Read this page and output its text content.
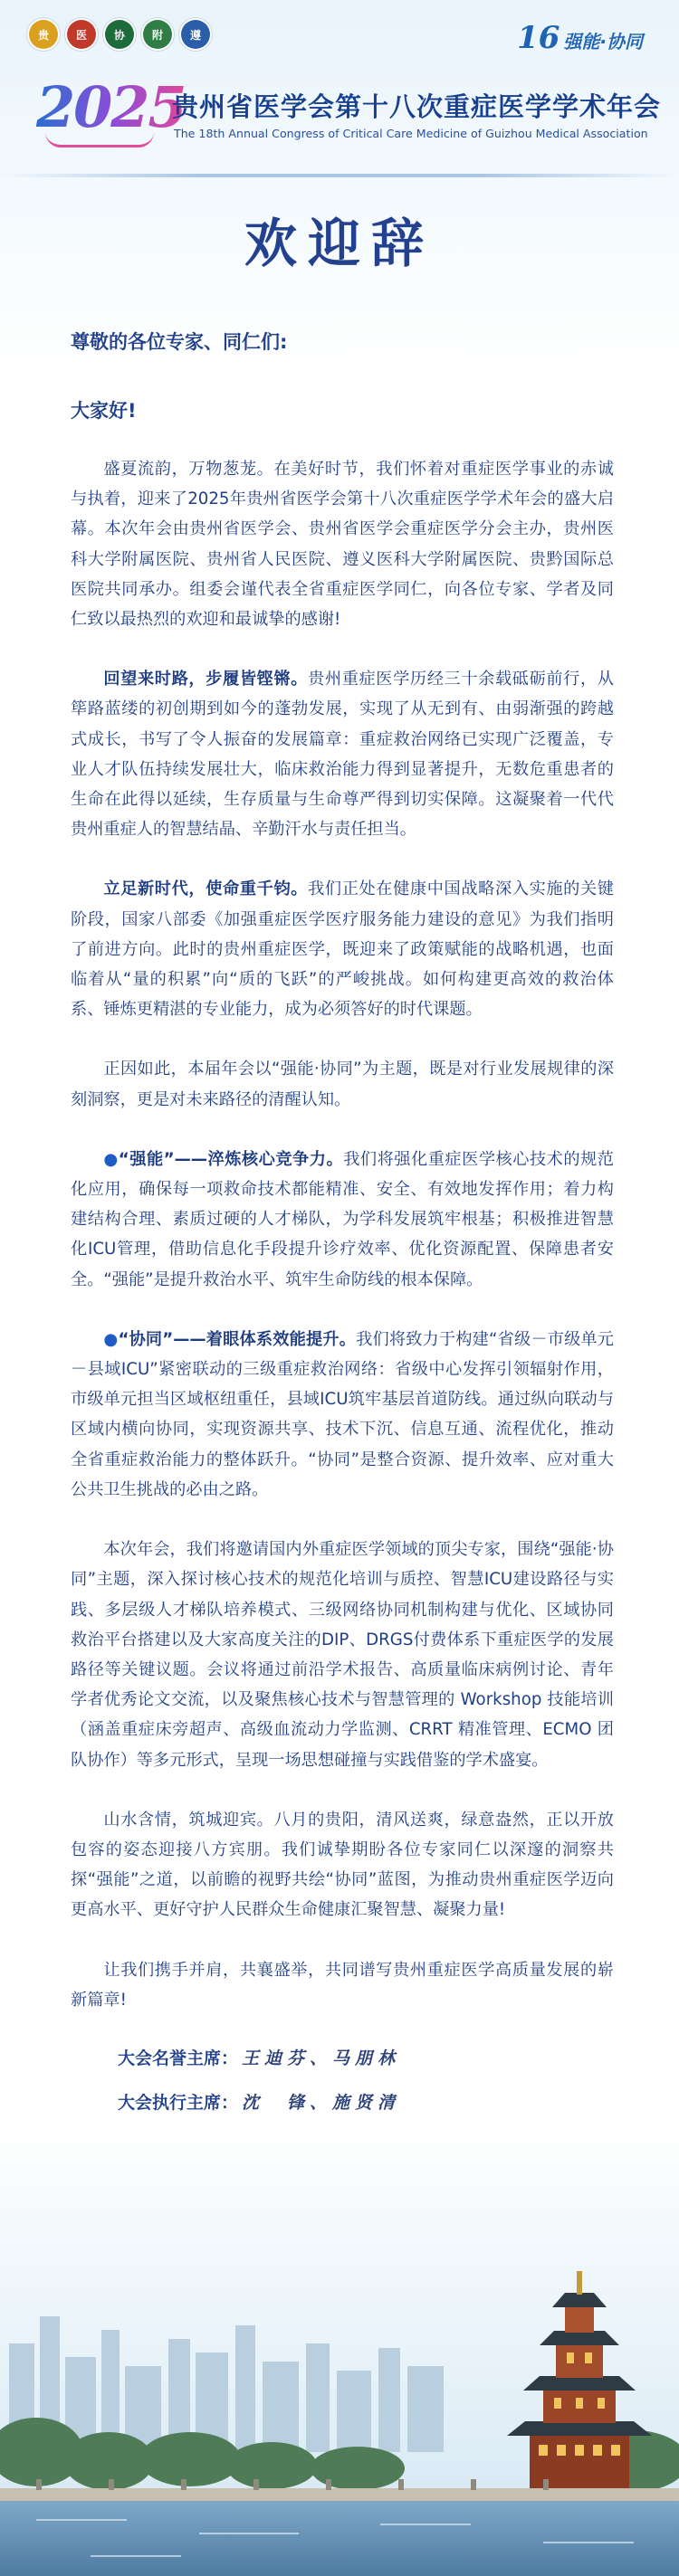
贵	医	协	附	遵	16 强能·协同
2025
贵州省医学会第十八次重症医学学术年会
The 18th Annual Congress of Critical Care Medicine of Guizhou Medical Association
欢迎辞

尊敬的各位专家、同仁们:

大家好!

盛夏流韵，万物葱茏。在美好时节，我们怀着对重症医学事业的赤诚与执着，迎来了2025年贵州省医学会第十八次重症医学学术年会的盛大启幕。本次年会由贵州省医学会、贵州省医学会重症医学分会主办，贵州医科大学附属医院、贵州省人民医院、遵义医科大学附属医院、贵黔国际总医院共同承办。组委会谨代表全省重症医学同仁，向各位专家、学者及同仁致以最热烈的欢迎和最诚挚的感谢!

回望来时路，步履皆铿锵。贵州重症医学历经三十余载砥砺前行，从筚路蓝缕的初创期到如今的蓬勃发展，实现了从无到有、由弱渐强的跨越式成长，书写了令人振奋的发展篇章：重症救治网络已实现广泛覆盖，专业人才队伍持续发展壮大，临床救治能力得到显著提升，无数危重患者的生命在此得以延续，生存质量与生命尊严得到切实保障。这凝聚着一代代贵州重症人的智慧结晶、辛勤汗水与责任担当。

立足新时代，使命重千钧。我们正处在健康中国战略深入实施的关键阶段，国家八部委《加强重症医学医疗服务能力建设的意见》为我们指明了前进方向。此时的贵州重症医学，既迎来了政策赋能的战略机遇，也面临着从“量的积累”向“质的飞跃”的严峻挑战。如何构建更高效的救治体系、锤炼更精湛的专业能力，成为必须答好的时代课题。

正因如此，本届年会以“强能·协同”为主题，既是对行业发展规律的深刻洞察，更是对未来路径的清醒认知。

●“强能”——淬炼核心竞争力。我们将强化重症医学核心技术的规范化应用，确保每一项救命技术都能精准、安全、有效地发挥作用；着力构建结构合理、素质过硬的人才梯队，为学科发展筑牢根基；积极推进智慧化ICU管理，借助信息化手段提升诊疗效率、优化资源配置、保障患者安全。“强能”是提升救治水平、筑牢生命防线的根本保障。

●“协同”——着眼体系效能提升。我们将致力于构建“省级－市级单元－县域ICU”紧密联动的三级重症救治网络：省级中心发挥引领辐射作用，市级单元担当区域枢纽重任，县域ICU筑牢基层首道防线。通过纵向联动与区域内横向协同，实现资源共享、技术下沉、信息互通、流程优化，推动全省重症救治能力的整体跃升。“协同”是整合资源、提升效率、应对重大公共卫生挑战的必由之路。

本次年会，我们将邀请国内外重症医学领域的顶尖专家，围绕“强能·协同”主题，深入探讨核心技术的规范化培训与质控、智慧ICU建设路径与实践、多层级人才梯队培养模式、三级网络协同机制构建与优化、区域协同救治平台搭建以及大家高度关注的DIP、DRGS付费体系下重症医学的发展路径等关键议题。会议将通过前沿学术报告、高质量临床病例讨论、青年学者优秀论文交流，以及聚焦核心技术与智慧管理的 Workshop 技能培训（涵盖重症床旁超声、高级血流动力学监测、CRRT 精准管理、ECMO 团队协作）等多元形式，呈现一场思想碰撞与实践借鉴的学术盛宴。

山水含情，筑城迎宾。八月的贵阳，清风送爽，绿意盎然，正以开放包容的姿态迎接八方宾朋。我们诚挚期盼各位专家同仁以深邃的洞察共探“强能”之道，以前瞻的视野共绘“协同”蓝图，为推动贵州重症医学迈向更高水平、更好守护人民群众生命健康汇聚智慧、凝聚力量!

让我们携手并肩，共襄盛举，共同谱写贵州重症医学高质量发展的崭新篇章!

大会名誉主席： 王迪芬、马朋林
大会执行主席： 沈　锋、施贤清
